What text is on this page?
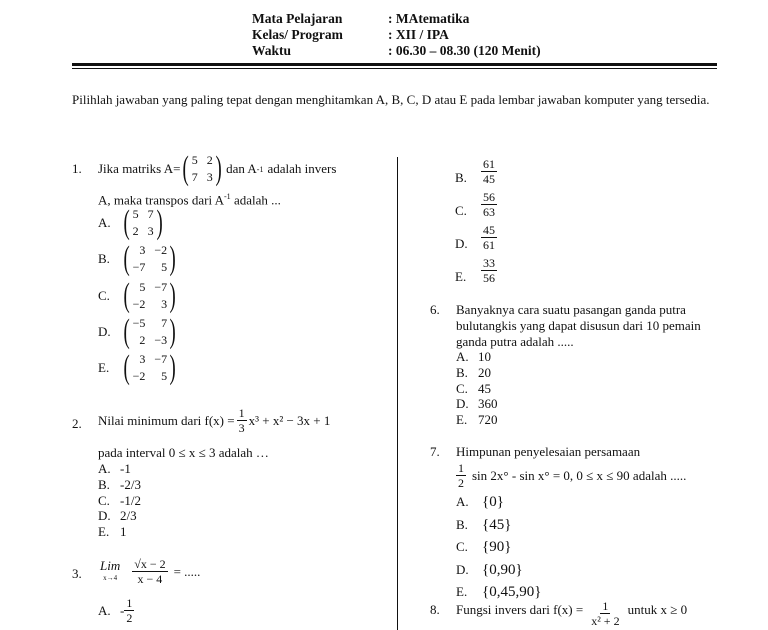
Mata Pelajaran	: MAtematika
Kelas/ Program	: XII / IPA
Waktu	: 06.30 – 08.30 (120 Menit)
Pilihlah jawaban yang paling tepat dengan menghitamkan A, B, C, D atau E pada lembar jawaban komputer yang tersedia.
1. Jika matriks A= ( 5 2
7 3 ) dan A -1 adalah invers
A, maka transpos dari $A^{-1}$ adalah ...
A. ( 5 7
2 3 )
B. ( 3 −2
−7	5 )
C. ( 5 −7
−2	3 )
D. ( −5	7
2 −3 )
E. ( 3 −7
−2	5 )
2. Nilai minimum dari $f(x) = \frac{1}{3} x^3 + x^2 - 3x + 1$
pada interval 0 ≤ x ≤ 3 adalah …
A. -1
B. -2/3
C. -1/2
D. 2/3
E. 1
3.
Lim
$x\to 4 \frac{√x - 2}{x - 4}$ = .....
A. - $\frac{1}{2}$
B.	$\frac{61}{45}$
C.	$\frac{56}{63}$
D.	$\frac{45}{61}$
E.	$\frac{33}{56}$
6. Banyaknya cara suatu pasangan ganda putra bulutangkis yang dapat disusun dari 10 pemain ganda putra adalah .....
A. 10
B. 20
C. 45
D. 360
E. 720
7. Himpunan penyelesaian persamaan
$\frac{1}{2}$ sin 2x° - sin x° = 0, 0 ≤ x ≤ 90 adalah .....
A. {0}
B. {45}
C. {90}
D. {0,90}
E. {0,45,90}
8. Fungsi invers dari $f(x) = \frac{1}{\text{x² + 2}}$ untuk x ≥ 0
